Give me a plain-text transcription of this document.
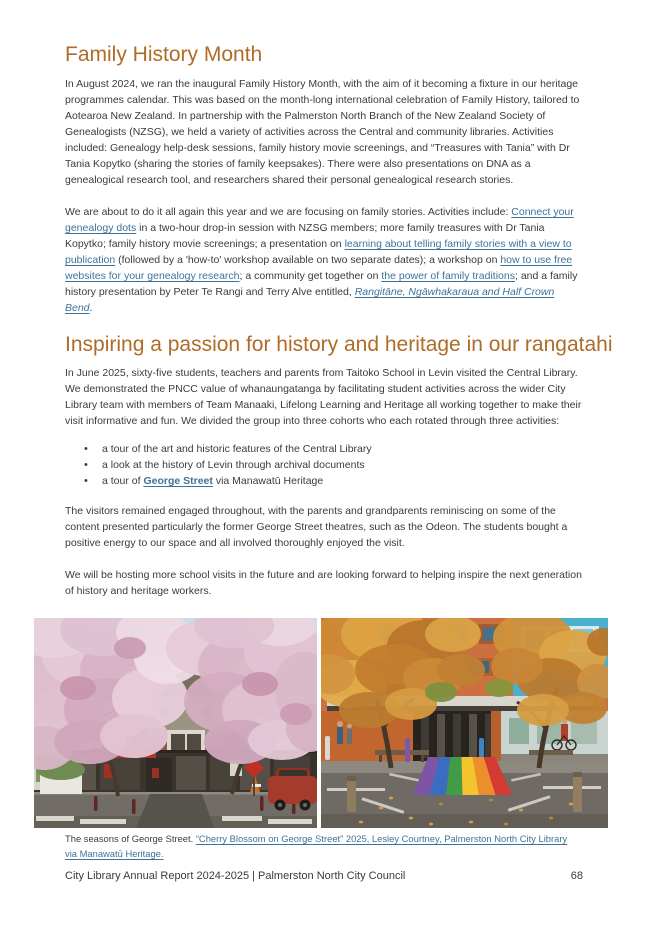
Family History Month

In August 2024, we ran the inaugural Family History Month, with the aim of it becoming a fixture in our heritage programmes calendar. This was based on the month-long international celebration of Family History, tailored to Aotearoa New Zealand. In partnership with the Palmerston North Branch of the New Zealand Society of Genealogists (NZSG), we held a variety of activities across the Central and community libraries. Activities included: Genealogy help-desk sessions, family history movie screenings, and “Treasures with Tania” with Dr Tania Kopytko (sharing the stories of family keepsakes). There were also presentations on DNA as a genealogical research tool, and researchers shared their personal genealogical research stories.

We are about to do it all again this year and we are focusing on family stories. Activities include: Connect your genealogy dots in a two-hour drop-in session with NZSG members; more family treasures with Dr Tania Kopytko; family history movie screenings; a presentation on learning about telling family stories with a view to publication (followed by a 'how-to' workshop available on two separate dates); a workshop on how to use free websites for your genealogy research; a community get together on the power of family traditions; and a family history presentation by Peter Te Rangi and Terry Alve entitled, Rangitāne, Ngāwhakaraua and Half Crown Bend.

Inspiring a passion for history and heritage in our rangatahi

In June 2025, sixty-five students, teachers and parents from Taitoko School in Levin visited the Central Library. We demonstrated the PNCC value of whanaungatanga by facilitating student activities across the wider City Library team with members of Team Manaaki, Lifelong Learning and Heritage all working together to make their visit informative and fun. We divided the group into three cohorts who each rotated through three activities:

• a tour of the art and historic features of the Central Library
• a look at the history of Levin through archival documents
• a tour of George Street via Manawatū Heritage

The visitors remained engaged throughout, with the parents and grandparents reminiscing on some of the content presented particularly the former George Street theatres, such as the Odeon. The students bought a positive energy to our space and all involved thoroughly enjoyed the visit.

We will be hosting more school visits in the future and are looking forward to helping inspire the next generation of history and heritage workers.

The seasons of George Street. “Cherry Blossom on George Street” 2025, Lesley Courtney, Palmerston North City Library via Manawatū Heritage.
City Library Annual Report 2024-2025 | Palmerston North City Council	68
